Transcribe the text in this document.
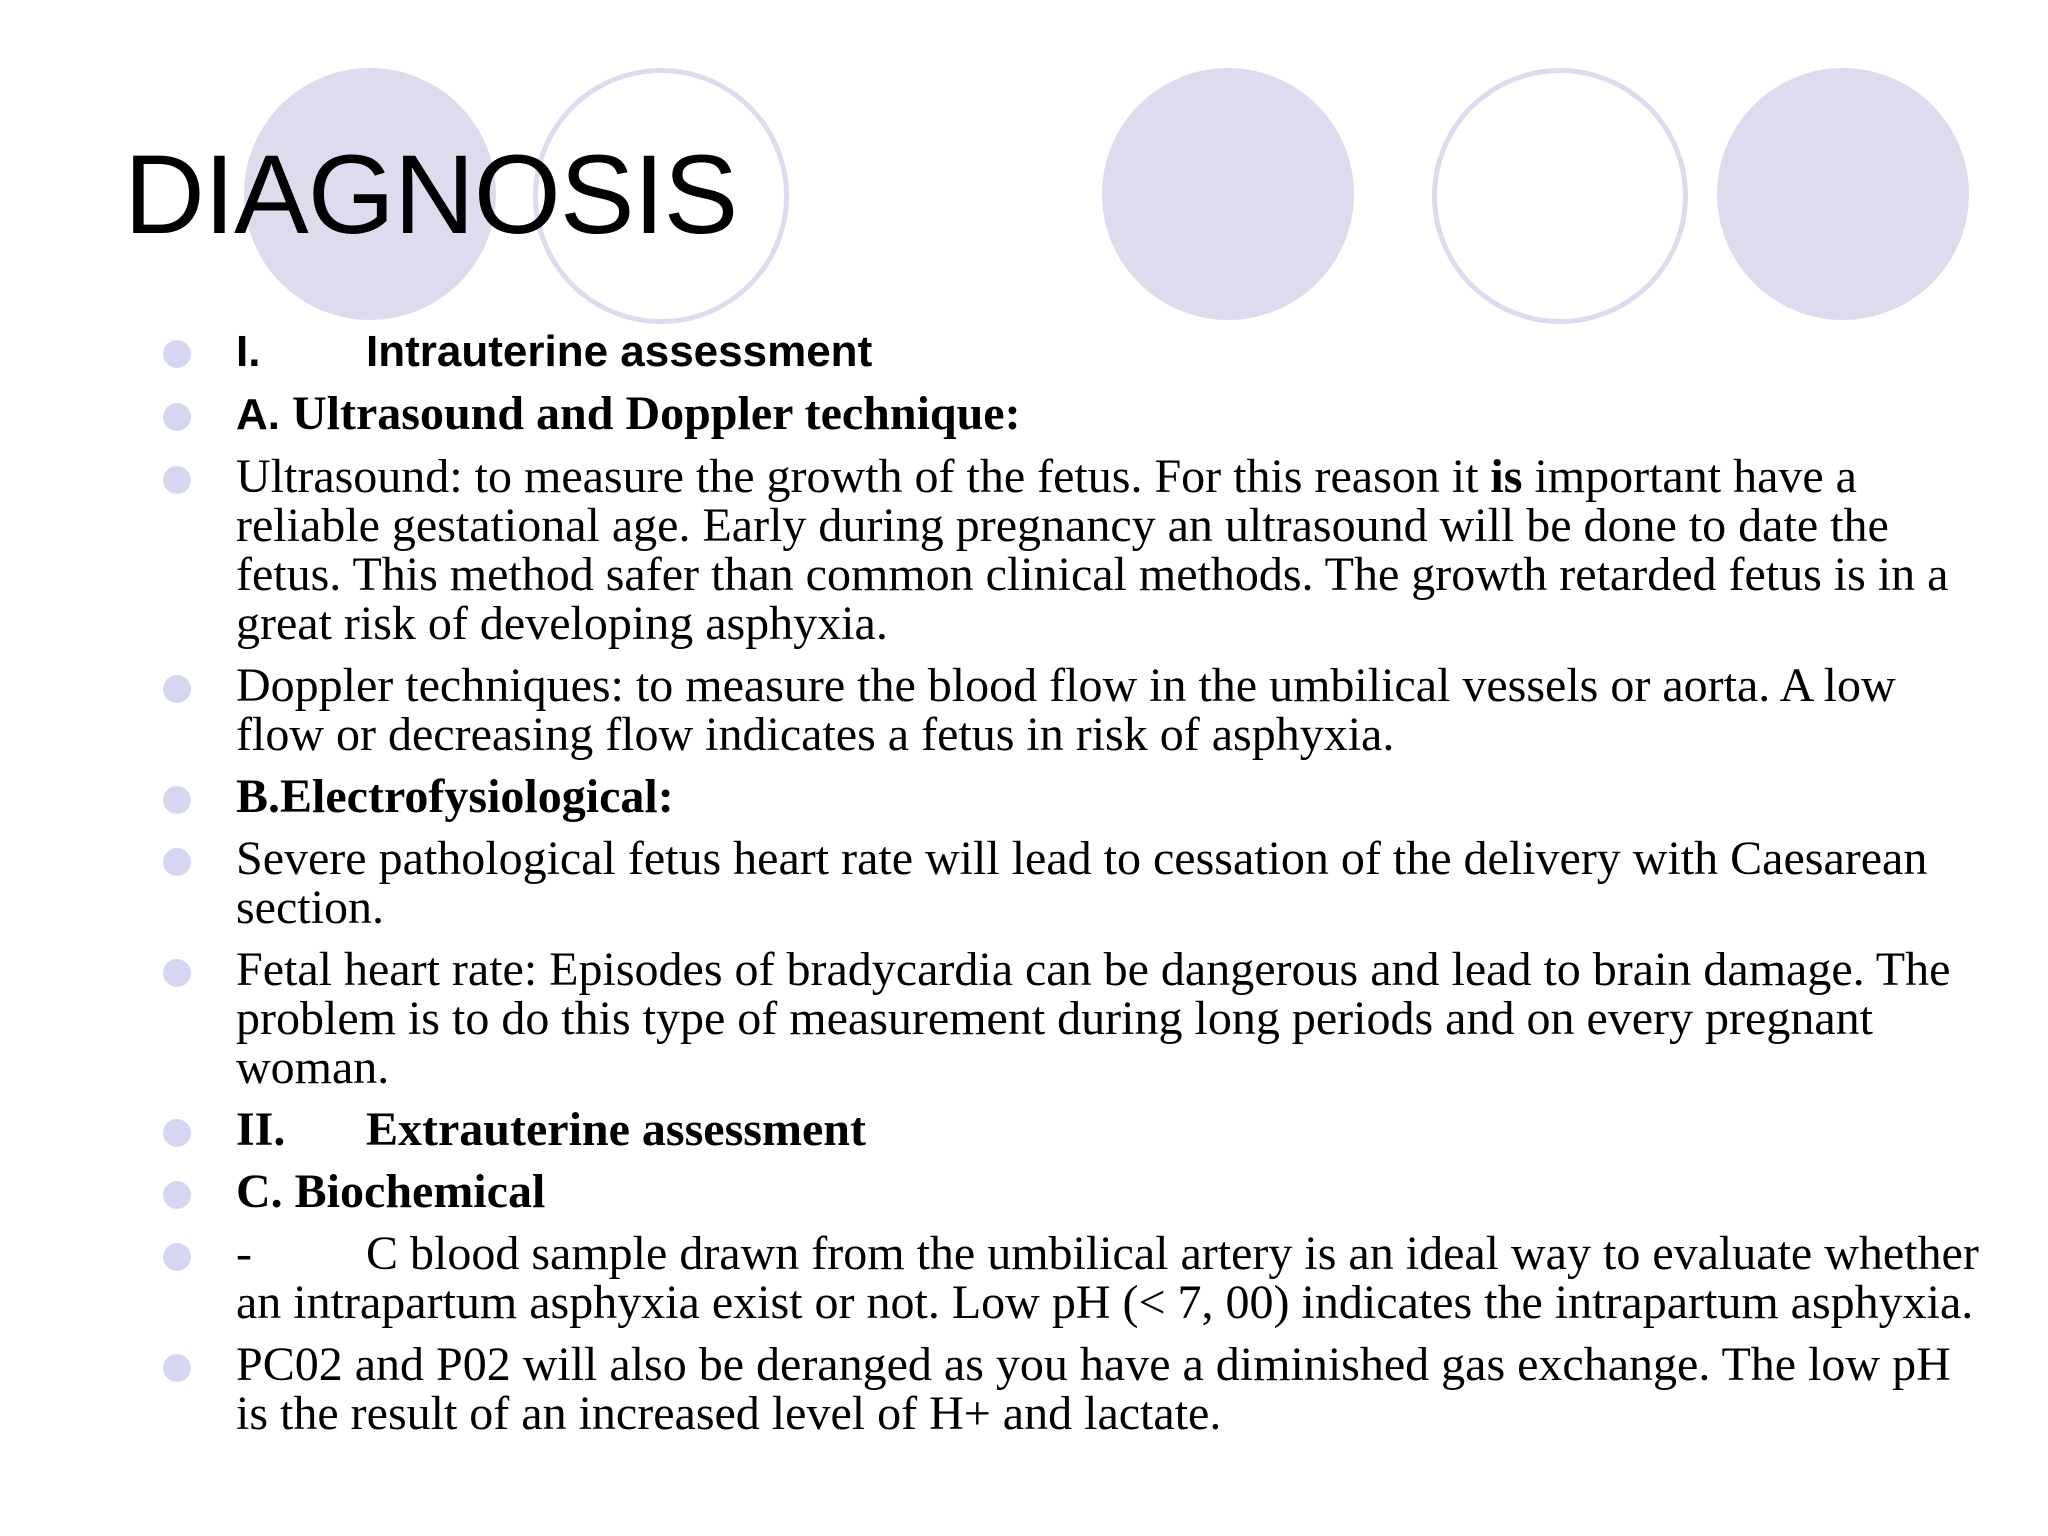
DIAGNOSIS
I. Intrauterine assessment
A. Ultrasound and Doppler technique:
Ultrasound: to measure the growth of the fetus. For this reason it is important have a reliable gestational age. Early during pregnancy an ultrasound will be done to date the fetus. This method safer than common clinical methods. The growth retarded fetus is in a great risk of developing asphyxia.
Doppler techniques: to measure the blood flow in the umbilical vessels or aorta. A low flow or decreasing flow indicates a fetus in risk of asphyxia.
B.Electrofysiological:
Severe pathological fetus heart rate will lead to cessation of the delivery with Caesarean section.
Fetal heart rate: Episodes of bradycardia can be dangerous and lead to brain damage. The problem is to do this type of measurement during long periods and on every pregnant woman.
II. Extrauterine assessment
C. Biochemical
- C blood sample drawn from the umbilical artery is an ideal way to evaluate whether an intrapartum asphyxia exist or not. Low pH (< 7, 00) indicates the intrapartum asphyxia.
PC02 and P02 will also be deranged as you have a diminished gas exchange. The low pH is the result of an increased level of H+ and lactate.
